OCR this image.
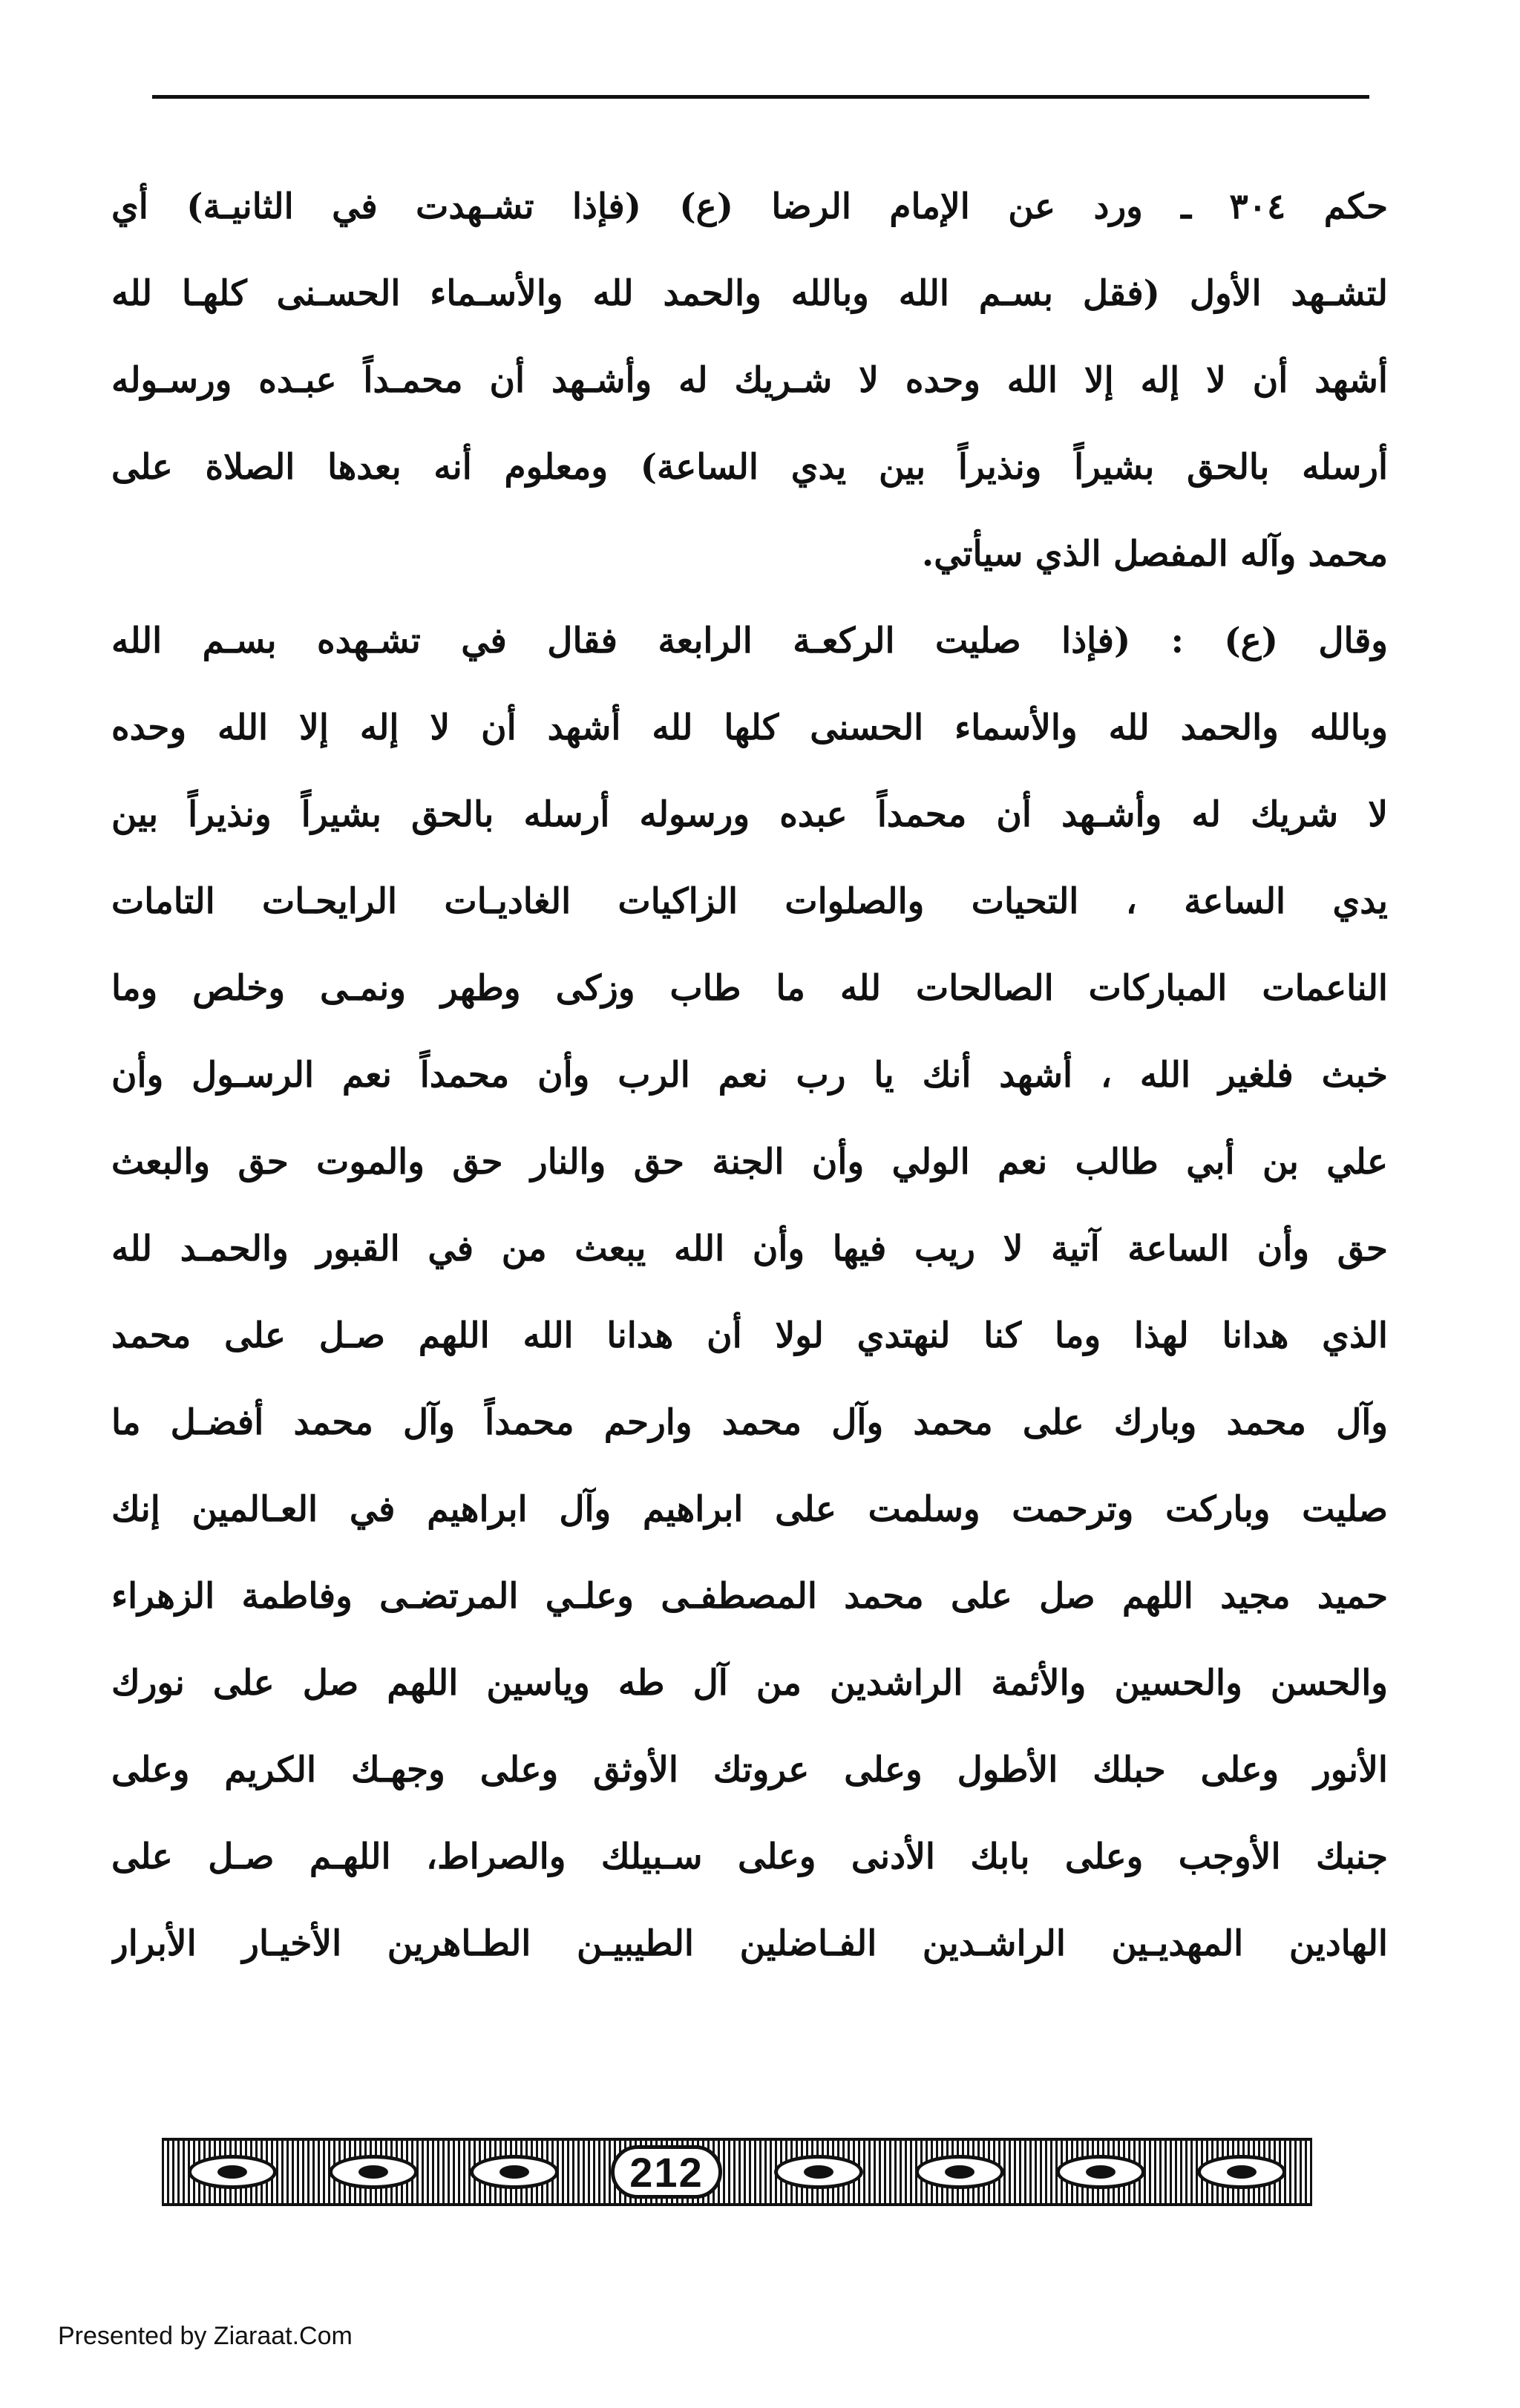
حكم ٣٠٤ ـ ورد عن الإمام الرضا (ع) (فإذا تشـهدت في الثانيـة) أي
لتشـهد الأول (فقل بسـم الله وبالله والحمد لله والأسـماء الحسـنى كلهـا لله
أشهد أن لا إله إلا الله وحده لا شـريك له وأشـهد أن محمـداً عبـده ورسـوله
أرسله بالحق بشيراً ونذيراً بين يدي الساعة) ومعلوم أنه بعدها الصلاة على
محمد وآله المفصل الذي سيأتي.
وقال (ع) : (فإذا صليت الركعـة الرابعة فقال في تشـهده بسـم الله
وبالله والحمد لله والأسماء الحسنى كلها لله أشهد أن لا إله إلا الله وحده
لا شريك له وأشـهد أن محمداً عبده ورسوله أرسله بالحق بشيراً ونذيراً بين
يدي الساعة ، التحيات والصلوات الزاكيات الغاديـات الرايحـات التامات
الناعمات المباركات الصالحات لله ما طاب وزكى وطهر ونمـى وخلص وما
خبث فلغير الله ، أشهد أنك يا رب نعم الرب وأن محمداً نعم الرسـول وأن
علي بن أبي طالب نعم الولي وأن الجنة حق والنار حق والموت حق والبعث
حق وأن الساعة آتية لا ريب فيها وأن الله يبعث من في القبور والحمـد لله
الذي هدانا لهذا وما كنا لنهتدي لولا أن هدانا الله اللهم صـل على محمد
وآل محمد وبارك على محمد وآل محمد وارحم محمداً وآل محمد أفضـل ما
صليت وباركت وترحمت وسلمت على ابراهيم وآل ابراهيم في العـالمين إنك
حميد مجيد اللهم صل على محمد المصطفـى وعلـي المرتضـى وفاطمة الزهراء
والحسن والحسين والأئمة الراشدين من آل طه وياسين اللهم صل على نورك
الأنور وعلى حبلك الأطول وعلى عروتك الأوثق وعلى وجهـك الكريم وعلى
جنبك الأوجب وعلى بابك الأدنى وعلى سـبيلك والصراط، اللهـم صـل على
الهادين المهديـين الراشـدين الفـاضلين الطيبيـن الطـاهرين الأخيـار الأبرار
212
Presented by Ziaraat.Com
